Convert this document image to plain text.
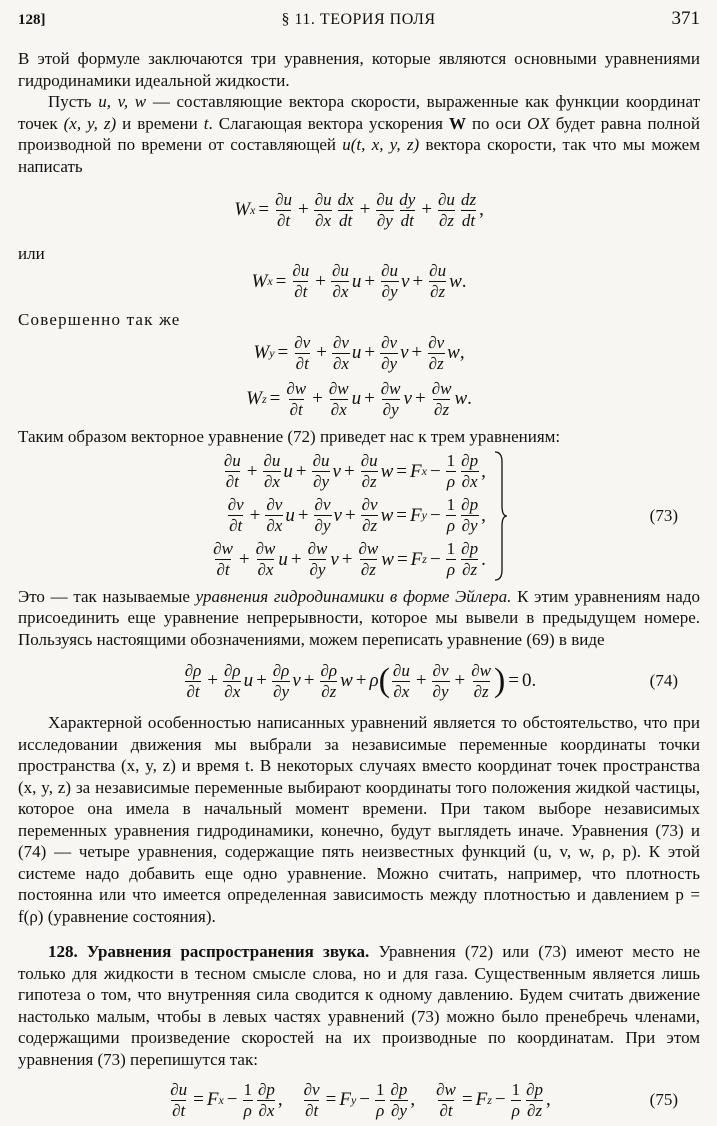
128]	§ 11. ТЕОРИЯ ПОЛЯ	371

В этой формуле заключаются три уравнения, которые являются основными уравнениями гидродинамики идеальной жидкости.

Пусть u, v, w — составляющие вектора скорости, выраженные как функции координат точек (x, y, z) и времени t. Слагающая вектора ускорения W по оси OX будет равна полной производной по времени от составляющей u(t, x, y, z) вектора скорости, так что мы можем написать

W $x = \frac{\partial u}{\partial t} + \frac{\partial u}{\partial x} \frac{dx}{dt} + \frac{\partial u}{\partial y} \frac{dy}{dt} + \frac{\partial u}{\partial z} \frac{dz}{dt}$ ,

или

W $x = \frac{\partial u}{\partial t} + \frac{\partial u}{\partial x}$ $u + \frac{\partial u}{\partial y}$ $v + \frac{\partial u}{\partial z}$ w .

Совершенно так же

W $y = \frac{\partial v}{\partial t} + \frac{\partial v}{\partial x}$ $u + \frac{\partial v}{\partial y}$ $v + \frac{\partial v}{\partial z}$ w ,
W $z = \frac{\partial w}{\partial t} + \frac{\partial w}{\partial x}$ $u + \frac{\partial w}{\partial y}$ $v + \frac{\partial w}{\partial z}$ w .

Таким образом векторное уравнение (72) приведет нас к трем уравнениям:

$\frac{\partial u}{\partial t} + \frac{\partial u}{\partial x}$ $u + \frac{\partial u}{\partial y}$ $v + \frac{\partial u}{\partial z}$ w = F $x - \frac{1}{\rho} \frac{\partial p}{\partial x}$ ,
$\frac{\partial v}{\partial t} + \frac{\partial v}{\partial x}$ $u + \frac{\partial v}{\partial y}$ $v + \frac{\partial v}{\partial z}$ w = F $y - \frac{1}{\rho} \frac{\partial p}{\partial y}$ ,
$\frac{\partial w}{\partial t} + \frac{\partial w}{\partial x}$ $u + \frac{\partial w}{\partial y}$ $v + \frac{\partial w}{\partial z}$ w = F $z - \frac{1}{\rho} \frac{\partial p}{\partial z}$ .
(73)

Это — так называемые уравнения гидродинамики в форме Эйлера. К этим уравнениям надо присоединить еще уравнение непрерывности, которое мы вывели в предыдущем номере. Пользуясь настоящими обозначениями, можем переписать уравнение (69) в виде

$\frac{\partial\rho}{\partial t} + \frac{\partial\rho}{\partial x}$ $u + \frac{\partial\rho}{\partial y}$ $v + \frac{\partial\rho}{\partial z}$ w + ρ ( $\frac{\partial u}{\partial x} + \frac{\partial v}{\partial y} + \frac{\partial w}{\partial z}$ ) = 0.	(74)

Характерной особенностью написанных уравнений является то обстоятельство, что при исследовании движения мы выбрали за независимые переменные координаты точки пространства (x, y, z) и время t. В некоторых случаях вместо координат точек пространства (x, y, z) за независимые переменные выбирают координаты того положения жидкой частицы, которое она имела в начальный момент времени. При таком выборе независимых переменных уравнения гидродинамики, конечно, будут выглядеть иначе. Уравнения (73) и (74) — четыре уравнения, содержащие пять неизвестных функций (u, v, w, ρ, p). К этой системе надо добавить еще одно уравнение. Можно считать, например, что плотность постоянна или что имеется определенная зависимость между плотностью и давлением p = f(ρ) (уравнение состояния).

128. Уравнения распространения звука. Уравнения (72) или (73) имеют место не только для жидкости в тесном смысле слова, но и для газа. Существенным является лишь гипотеза о том, что внутренняя сила сводится к одному давлению. Будем считать движение настолько малым, чтобы в левых частях уравнений (73) можно было пренебречь членами, содержащими произведение скоростей на их производные по координатам. При этом уравнения (73) перепишутся так:

$\frac{\partial u}{\partial t} = F$ $x - \frac{1}{\rho} \frac{\partial p}{\partial x}$ , $\frac{\partial v}{\partial t} = F$ $y - \frac{1}{\rho} \frac{\partial p}{\partial y}$ , $\frac{\partial w}{\partial t} = F$ $z - \frac{1}{\rho} \frac{\partial p}{\partial z}$ ,	(75)
